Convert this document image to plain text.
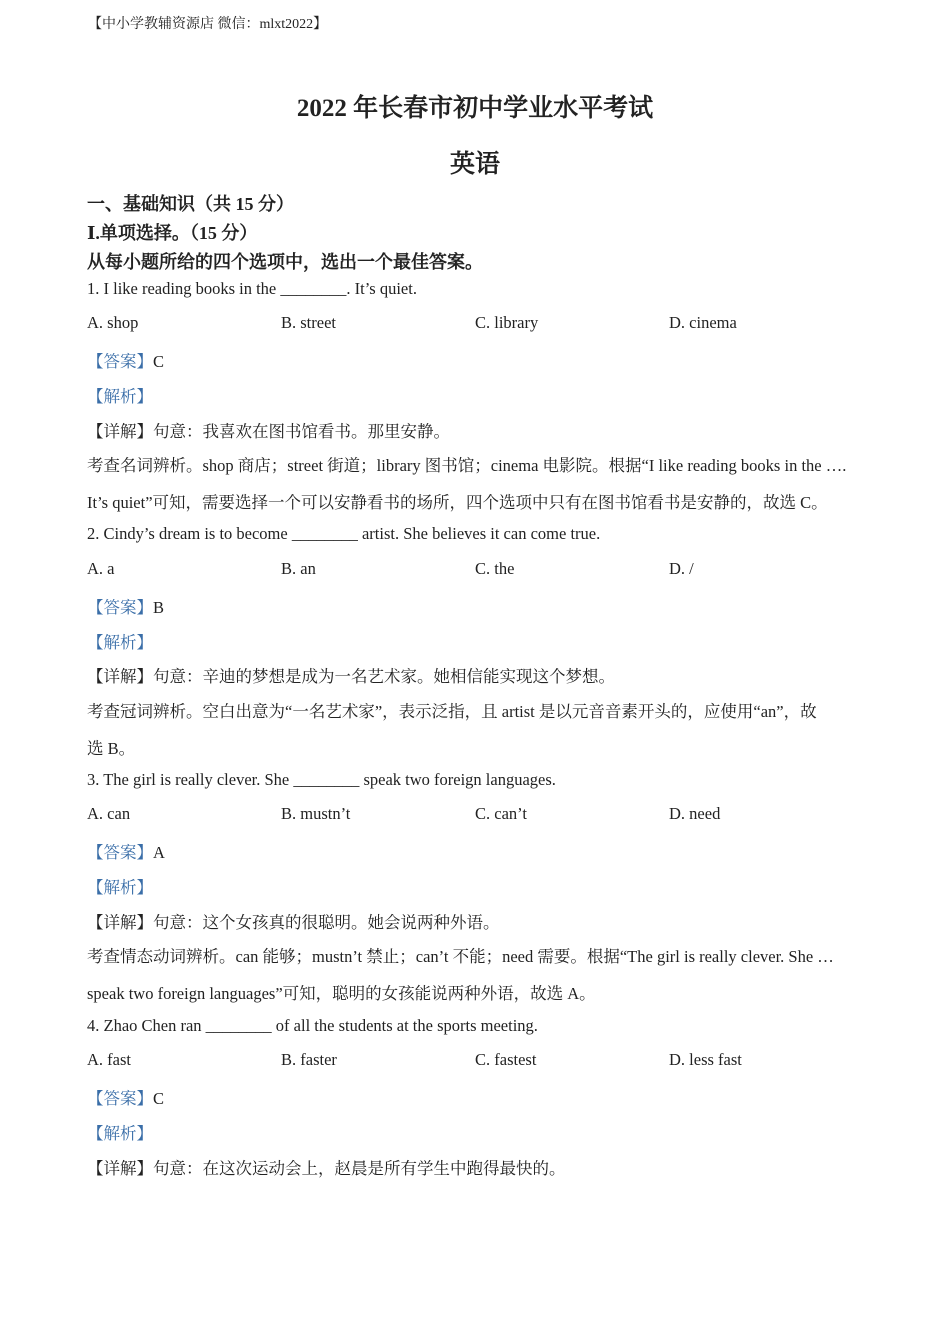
【中小学教辅资源店 微信：mlxt2022】
2022 年长春市初中学业水平考试
英语
一、基础知识（共 15 分）
Ⅰ.单项选择。（15 分）
从每小题所给的四个选项中，选出一个最佳答案。
1. I like reading books in the ________. It’s quiet.
A. shop	B. street	C. library	D. cinema
【答案】C
【解析】
【详解】句意：我喜欢在图书馆看书。那里安静。
考查名词辨析。shop 商店；street 街道；library 图书馆；cinema 电影院。根据“I like reading books in the ….
It’s quiet”可知，需要选择一个可以安静看书的场所，四个选项中只有在图书馆看书是安静的，故选 C。
2. Cindy’s dream is to become ________ artist. She believes it can come true.
A. a	B. an	C. the	D. /
【答案】B
【解析】
【详解】句意：辛迪的梦想是成为一名艺术家。她相信能实现这个梦想。
考查冠词辨析。空白出意为“一名艺术家”，表示泛指，且 artist 是以元音音素开头的，应使用“an”，故
选 B。
3. The girl is really clever. She ________ speak two foreign languages.
A. can	B. mustn’t	C. can’t	D. need
【答案】A
【解析】
【详解】句意：这个女孩真的很聪明。她会说两种外语。
考查情态动词辨析。can 能够；mustn’t 禁止；can’t 不能；need 需要。根据“The girl is really clever. She …
speak two foreign languages”可知，聪明的女孩能说两种外语，故选 A。
4. Zhao Chen ran ________ of all the students at the sports meeting.
A. fast	B. faster	C. fastest	D. less fast
【答案】C
【解析】
【详解】句意：在这次运动会上，赵晨是所有学生中跑得最快的。
